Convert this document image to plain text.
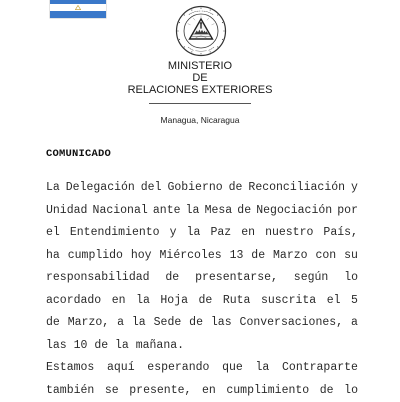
MINISTERIO
DE
RELACIONES EXTERIORES
Managua, Nicaragua
COMUNICADO
La Delegación del Gobierno de Reconciliación y
Unidad Nacional ante la Mesa de Negociación por
el Entendimiento y la Paz en nuestro País,
ha cumplido hoy Miércoles 13 de Marzo con su
responsabilidad de presentarse, según lo
acordado en la Hoja de Ruta suscrita el 5
de Marzo, a la Sede de las Conversaciones, a
las 10 de la mañana.
Estamos aquí esperando que la Contraparte
también se presente, en cumplimiento de lo
